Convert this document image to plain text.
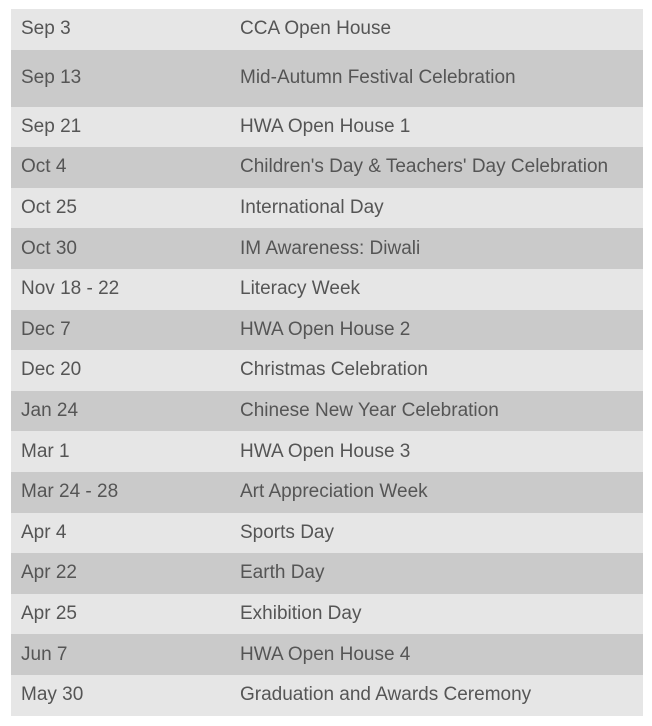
Sep 3	CCA Open House
Sep 13	Mid-Autumn Festival Celebration
Sep 21	HWA Open House 1
Oct 4	Children's Day & Teachers' Day Celebration
Oct 25	International Day
Oct 30	IM Awareness: Diwali
Nov 18 - 22	Literacy Week
Dec 7	HWA Open House 2
Dec 20	Christmas Celebration
Jan 24	Chinese New Year Celebration
Mar 1	HWA Open House 3
Mar 24 - 28	Art Appreciation Week
Apr 4	Sports Day
Apr 22	Earth Day
Apr 25	Exhibition Day
Jun 7	HWA Open House 4
May 30	Graduation and Awards Ceremony
